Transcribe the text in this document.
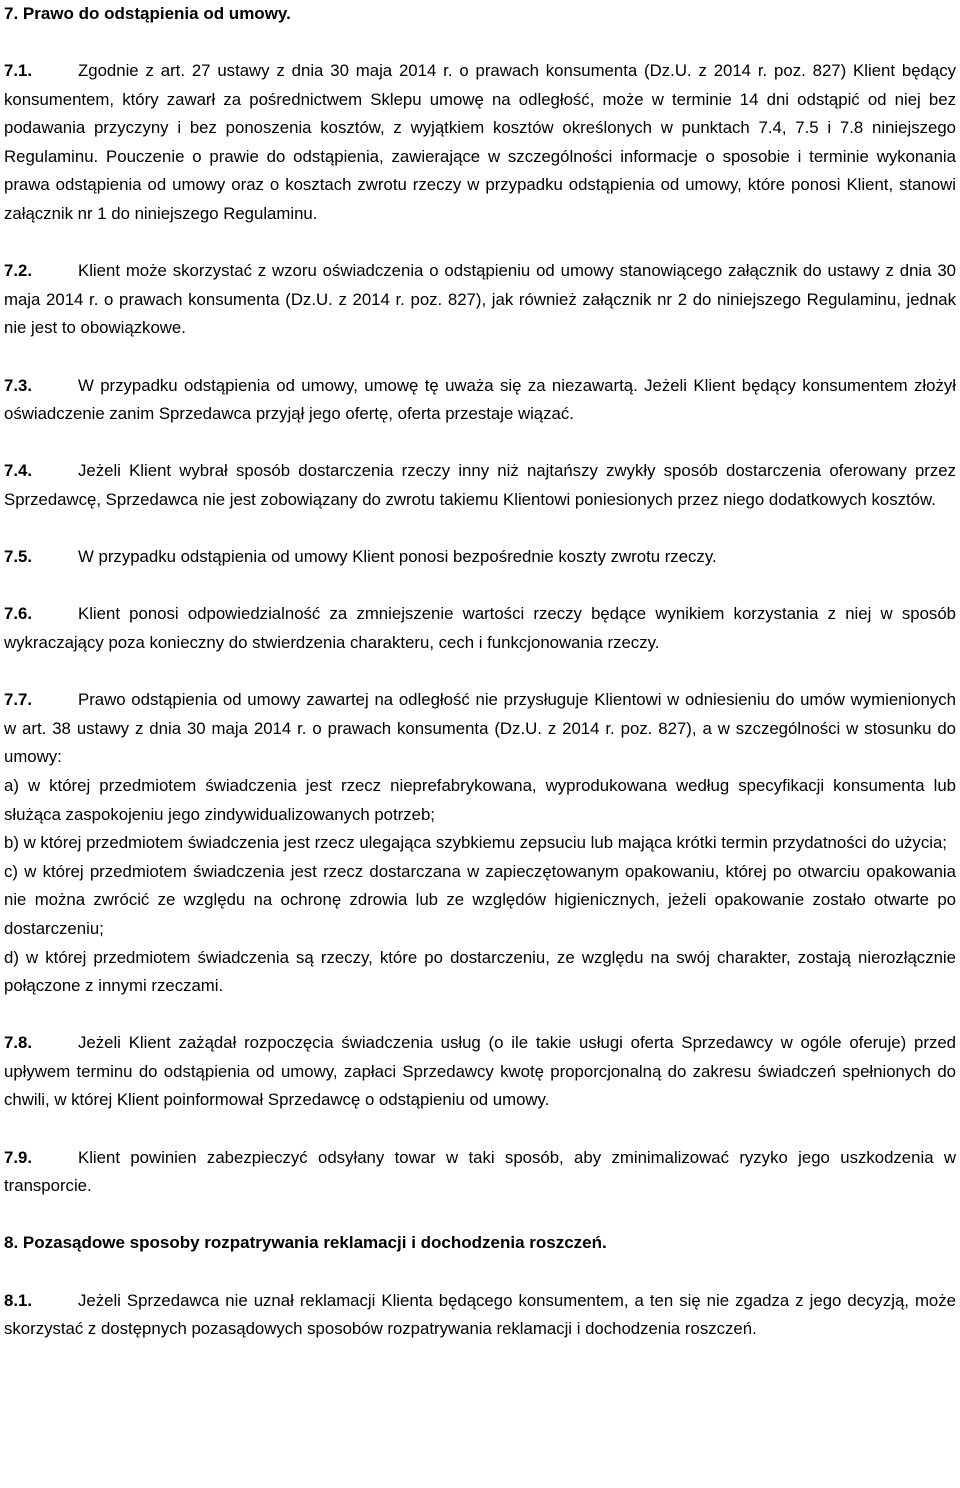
7. Prawo do odstąpienia od umowy.

7.1.	Zgodnie z art. 27 ustawy z dnia 30 maja 2014 r. o prawach konsumenta (Dz.U. z 2014 r. poz. 827) Klient będący konsumentem, który zawarł za pośrednictwem Sklepu umowę na odległość, może w terminie 14 dni odstąpić od niej bez podawania przyczyny i bez ponoszenia kosztów, z wyjątkiem kosztów określonych w punktach 7.4, 7.5 i 7.8 niniejszego Regulaminu. Pouczenie o prawie do odstąpienia, zawierające w szczególności informacje o sposobie i terminie wykonania prawa odstąpienia od umowy oraz o kosztach zwrotu rzeczy w przypadku odstąpienia od umowy, które ponosi Klient, stanowi załącznik nr 1 do niniejszego Regulaminu.

7.2.	Klient może skorzystać z wzoru oświadczenia o odstąpieniu od umowy stanowiącego załącznik do ustawy z dnia 30 maja 2014 r. o prawach konsumenta (Dz.U. z 2014 r. poz. 827), jak również załącznik nr 2 do niniejszego Regulaminu, jednak nie jest to obowiązkowe.

7.3.	W przypadku odstąpienia od umowy, umowę tę uważa się za niezawartą. Jeżeli Klient będący konsumentem złożył oświadczenie zanim Sprzedawca przyjął jego ofertę, oferta przestaje wiązać.

7.4.	Jeżeli Klient wybrał sposób dostarczenia rzeczy inny niż najtańszy zwykły sposób dostarczenia oferowany przez Sprzedawcę, Sprzedawca nie jest zobowiązany do zwrotu takiemu Klientowi poniesionych przez niego dodatkowych kosztów.

7.5.	W przypadku odstąpienia od umowy Klient ponosi bezpośrednie koszty zwrotu rzeczy.

7.6.	Klient ponosi odpowiedzialność za zmniejszenie wartości rzeczy będące wynikiem korzystania z niej w sposób wykraczający poza konieczny do stwierdzenia charakteru, cech i funkcjonowania rzeczy.

7.7.	Prawo odstąpienia od umowy zawartej na odległość nie przysługuje Klientowi w odniesieniu do umów wymienionych w art. 38 ustawy z dnia 30 maja 2014 r. o prawach konsumenta (Dz.U. z 2014 r. poz. 827), a w szczególności w stosunku do umowy:

a) w której przedmiotem świadczenia jest rzecz nieprefabrykowana, wyprodukowana według specyfikacji konsumenta lub służąca zaspokojeniu jego zindywidualizowanych potrzeb;

b) w której przedmiotem świadczenia jest rzecz ulegająca szybkiemu zepsuciu lub mająca krótki termin przydatności do użycia;

c) w której przedmiotem świadczenia jest rzecz dostarczana w zapieczętowanym opakowaniu, której po otwarciu opakowania nie można zwrócić ze względu na ochronę zdrowia lub ze względów higienicznych, jeżeli opakowanie zostało otwarte po dostarczeniu;

d) w której przedmiotem świadczenia są rzeczy, które po dostarczeniu, ze względu na swój charakter, zostają nierozłącznie połączone z innymi rzeczami.

7.8.	Jeżeli Klient zażądał rozpoczęcia świadczenia usług (o ile takie usługi oferta Sprzedawcy w ogóle oferuje) przed upływem terminu do odstąpienia od umowy, zapłaci Sprzedawcy kwotę proporcjonalną do zakresu świadczeń spełnionych do chwili, w której Klient poinformował Sprzedawcę o odstąpieniu od umowy.

7.9.	Klient powinien zabezpieczyć odsyłany towar w taki sposób, aby zminimalizować ryzyko jego uszkodzenia w transporcie.

8. Pozasądowe sposoby rozpatrywania reklamacji i dochodzenia roszczeń.

8.1.	Jeżeli Sprzedawca nie uznał reklamacji Klienta będącego konsumentem, a ten się nie zgadza z jego decyzją, może skorzystać z dostępnych pozasądowych sposobów rozpatrywania reklamacji i dochodzenia roszczeń.
